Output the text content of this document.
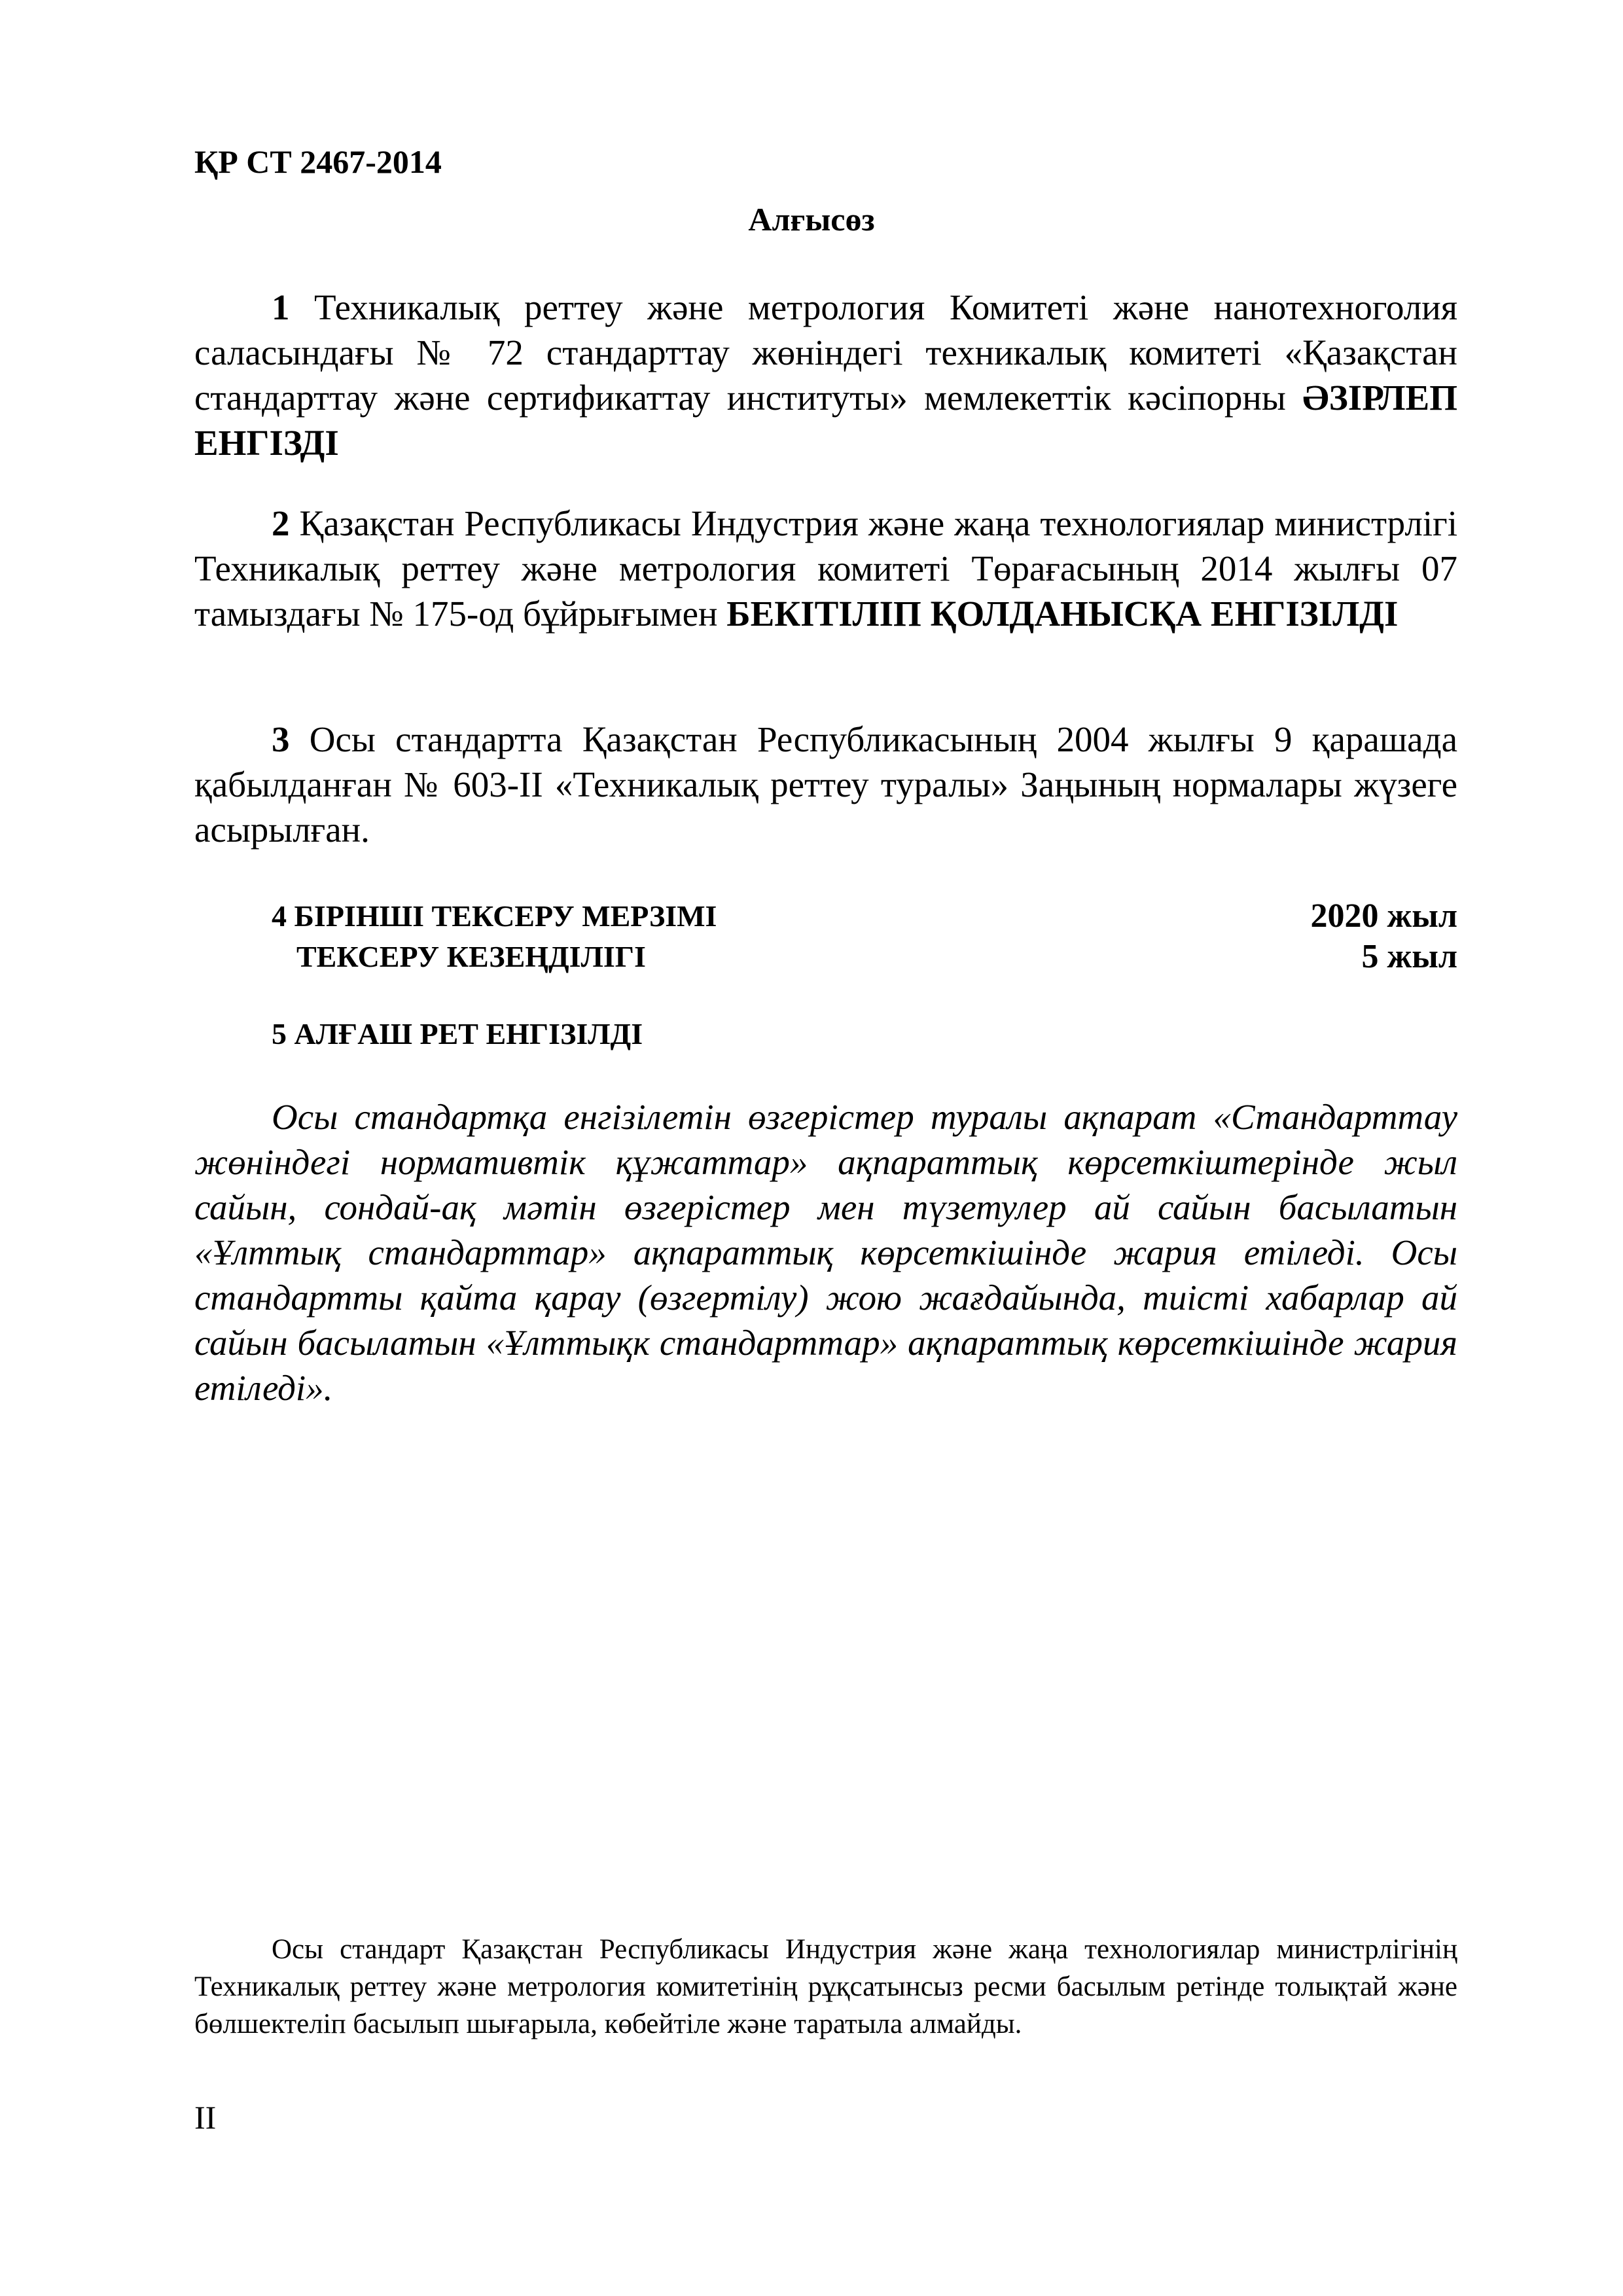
ҚР СТ 2467-2014
Алғысөз

1 Техникалық реттеу және метрология Комитеті және нанотехноголия саласындағы № 72 стандарттау жөніндегі техникалық комитеті «Қазақстан стандарттау және сертификаттау институты» мемлекеттік кәсіпорны ӘЗІРЛЕП ЕНГІЗДІ

2 Қазақстан Республикасы Индустрия және жаңа технологиялар министрлігі Техникалық реттеу және метрология комитеті Төрағасының 2014 жылғы 07 тамыздағы № 175-од бұйрығымен БЕКІТІЛІП ҚОЛДАНЫСҚА ЕНГІЗІЛДІ

3 Осы стандартта Қазақстан Республикасының 2004 жылғы 9 қарашада қабылданған № 603-II «Техникалық реттеу туралы» Заңының нормалары жүзеге асырылған.

4 БІРІНШІ ТЕКСЕРУ МЕРЗІМІ	2020 жыл
ТЕКСЕРУ КЕЗЕҢДІЛІГІ	5 жыл
5 АЛҒАШ РЕТ ЕНГІЗІЛДІ

Осы стандартқа енгізілетін өзгерістер туралы ақпарат «Стандарттау жөніндегі нормативтік құжаттар» ақпараттық көрсеткіштерінде жыл сайын, сондай-ақ мәтін өзгерістер мен түзетулер ай сайын басылатын «Ұлттық стандарттар» ақпараттық көрсеткішінде жария етіледі. Осы стандартты қайта қарау (өзгертілу) жою жағдайында, тиісті хабарлар ай сайын басылатын «Ұлттықк стандарттар» ақпараттық көрсеткішінде жария етіледі».

Осы стандарт Қазақстан Республикасы Индустрия және жаңа технологиялар министрлігінің Техникалық реттеу және метрология комитетінің рұқсатынсыз ресми басылым ретінде толықтай және бөлшектеліп басылып шығарыла, көбейтіле және таратыла алмайды.

II
